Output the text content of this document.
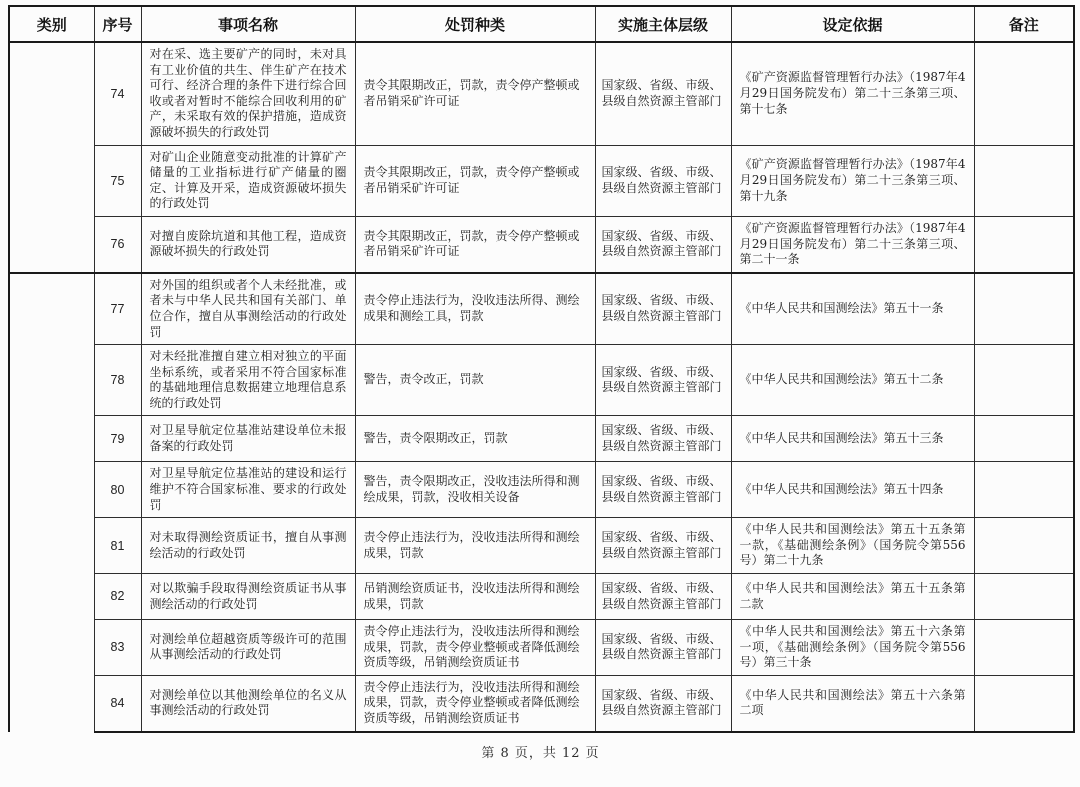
类别	序号	事项名称	处罚种类	实施主体层级	设定依据	备注
	74	对在采、选主要矿产的同时，未对具有工业价值的共生、伴生矿产在技术可行、经济合理的条件下进行综合回收或者对暂时不能综合回收利用的矿产，未采取有效的保护措施，造成资源破坏损失的行政处罚	责令其限期改正，罚款，责令停产整顿或者吊销采矿许可证	国家级、省级、市级、县级自然资源主管部门	《矿产资源监督管理暂行办法》（1987年4月29日国务院发布）第二十三条第三项、第十七条	
	75	对矿山企业随意变动批准的计算矿产储量的工业指标进行矿产储量的圈定、计算及开采，造成资源破坏损失的行政处罚	责令其限期改正，罚款，责令停产整顿或者吊销采矿许可证	国家级、省级、市级、县级自然资源主管部门	《矿产资源监督管理暂行办法》（1987年4月29日国务院发布）第二十三条第三项、第十九条	
	76	对擅自废除坑道和其他工程，造成资源破坏损失的行政处罚	责令其限期改正，罚款，责令停产整顿或者吊销采矿许可证	国家级、省级、市级、县级自然资源主管部门	《矿产资源监督管理暂行办法》（1987年4月29日国务院发布）第二十三条第三项、第二十一条	
	77	对外国的组织或者个人未经批准，或者未与中华人民共和国有关部门、单位合作，擅自从事测绘活动的行政处罚	责令停止违法行为，没收违法所得、测绘成果和测绘工具，罚款	国家级、省级、市级、县级自然资源主管部门	《中华人民共和国测绘法》第五十一条	
	78	对未经批准擅自建立相对独立的平面坐标系统，或者采用不符合国家标准的基础地理信息数据建立地理信息系统的行政处罚	警告，责令改正，罚款	国家级、省级、市级、县级自然资源主管部门	《中华人民共和国测绘法》第五十二条	
	79	对卫星导航定位基准站建设单位未报备案的行政处罚	警告，责令限期改正，罚款	国家级、省级、市级、县级自然资源主管部门	《中华人民共和国测绘法》第五十三条	
	80	对卫星导航定位基准站的建设和运行维护不符合国家标准、要求的行政处罚	警告，责令限期改正，没收违法所得和测绘成果，罚款，没收相关设备	国家级、省级、市级、县级自然资源主管部门	《中华人民共和国测绘法》第五十四条	
	81	对未取得测绘资质证书，擅自从事测绘活动的行政处罚	责令停止违法行为，没收违法所得和测绘成果，罚款	国家级、省级、市级、县级自然资源主管部门	《中华人民共和国测绘法》第五十五条第一款，《基础测绘条例》（国务院令第556号）第二十九条	
	82	对以欺骗手段取得测绘资质证书从事测绘活动的行政处罚	吊销测绘资质证书，没收违法所得和测绘成果，罚款	国家级、省级、市级、县级自然资源主管部门	《中华人民共和国测绘法》第五十五条第二款	
	83	对测绘单位超越资质等级许可的范围从事测绘活动的行政处罚	责令停止违法行为，没收违法所得和测绘成果，罚款，责令停业整顿或者降低测绘资质等级，吊销测绘资质证书	国家级、省级、市级、县级自然资源主管部门	《中华人民共和国测绘法》第五十六条第一项，《基础测绘条例》（国务院令第556号）第三十条	
	84	对测绘单位以其他测绘单位的名义从事测绘活动的行政处罚	责令停止违法行为，没收违法所得和测绘成果，罚款，责令停业整顿或者降低测绘资质等级，吊销测绘资质证书	国家级、省级、市级、县级自然资源主管部门	《中华人民共和国测绘法》第五十六条第二项	
第 8 页，共 12 页
